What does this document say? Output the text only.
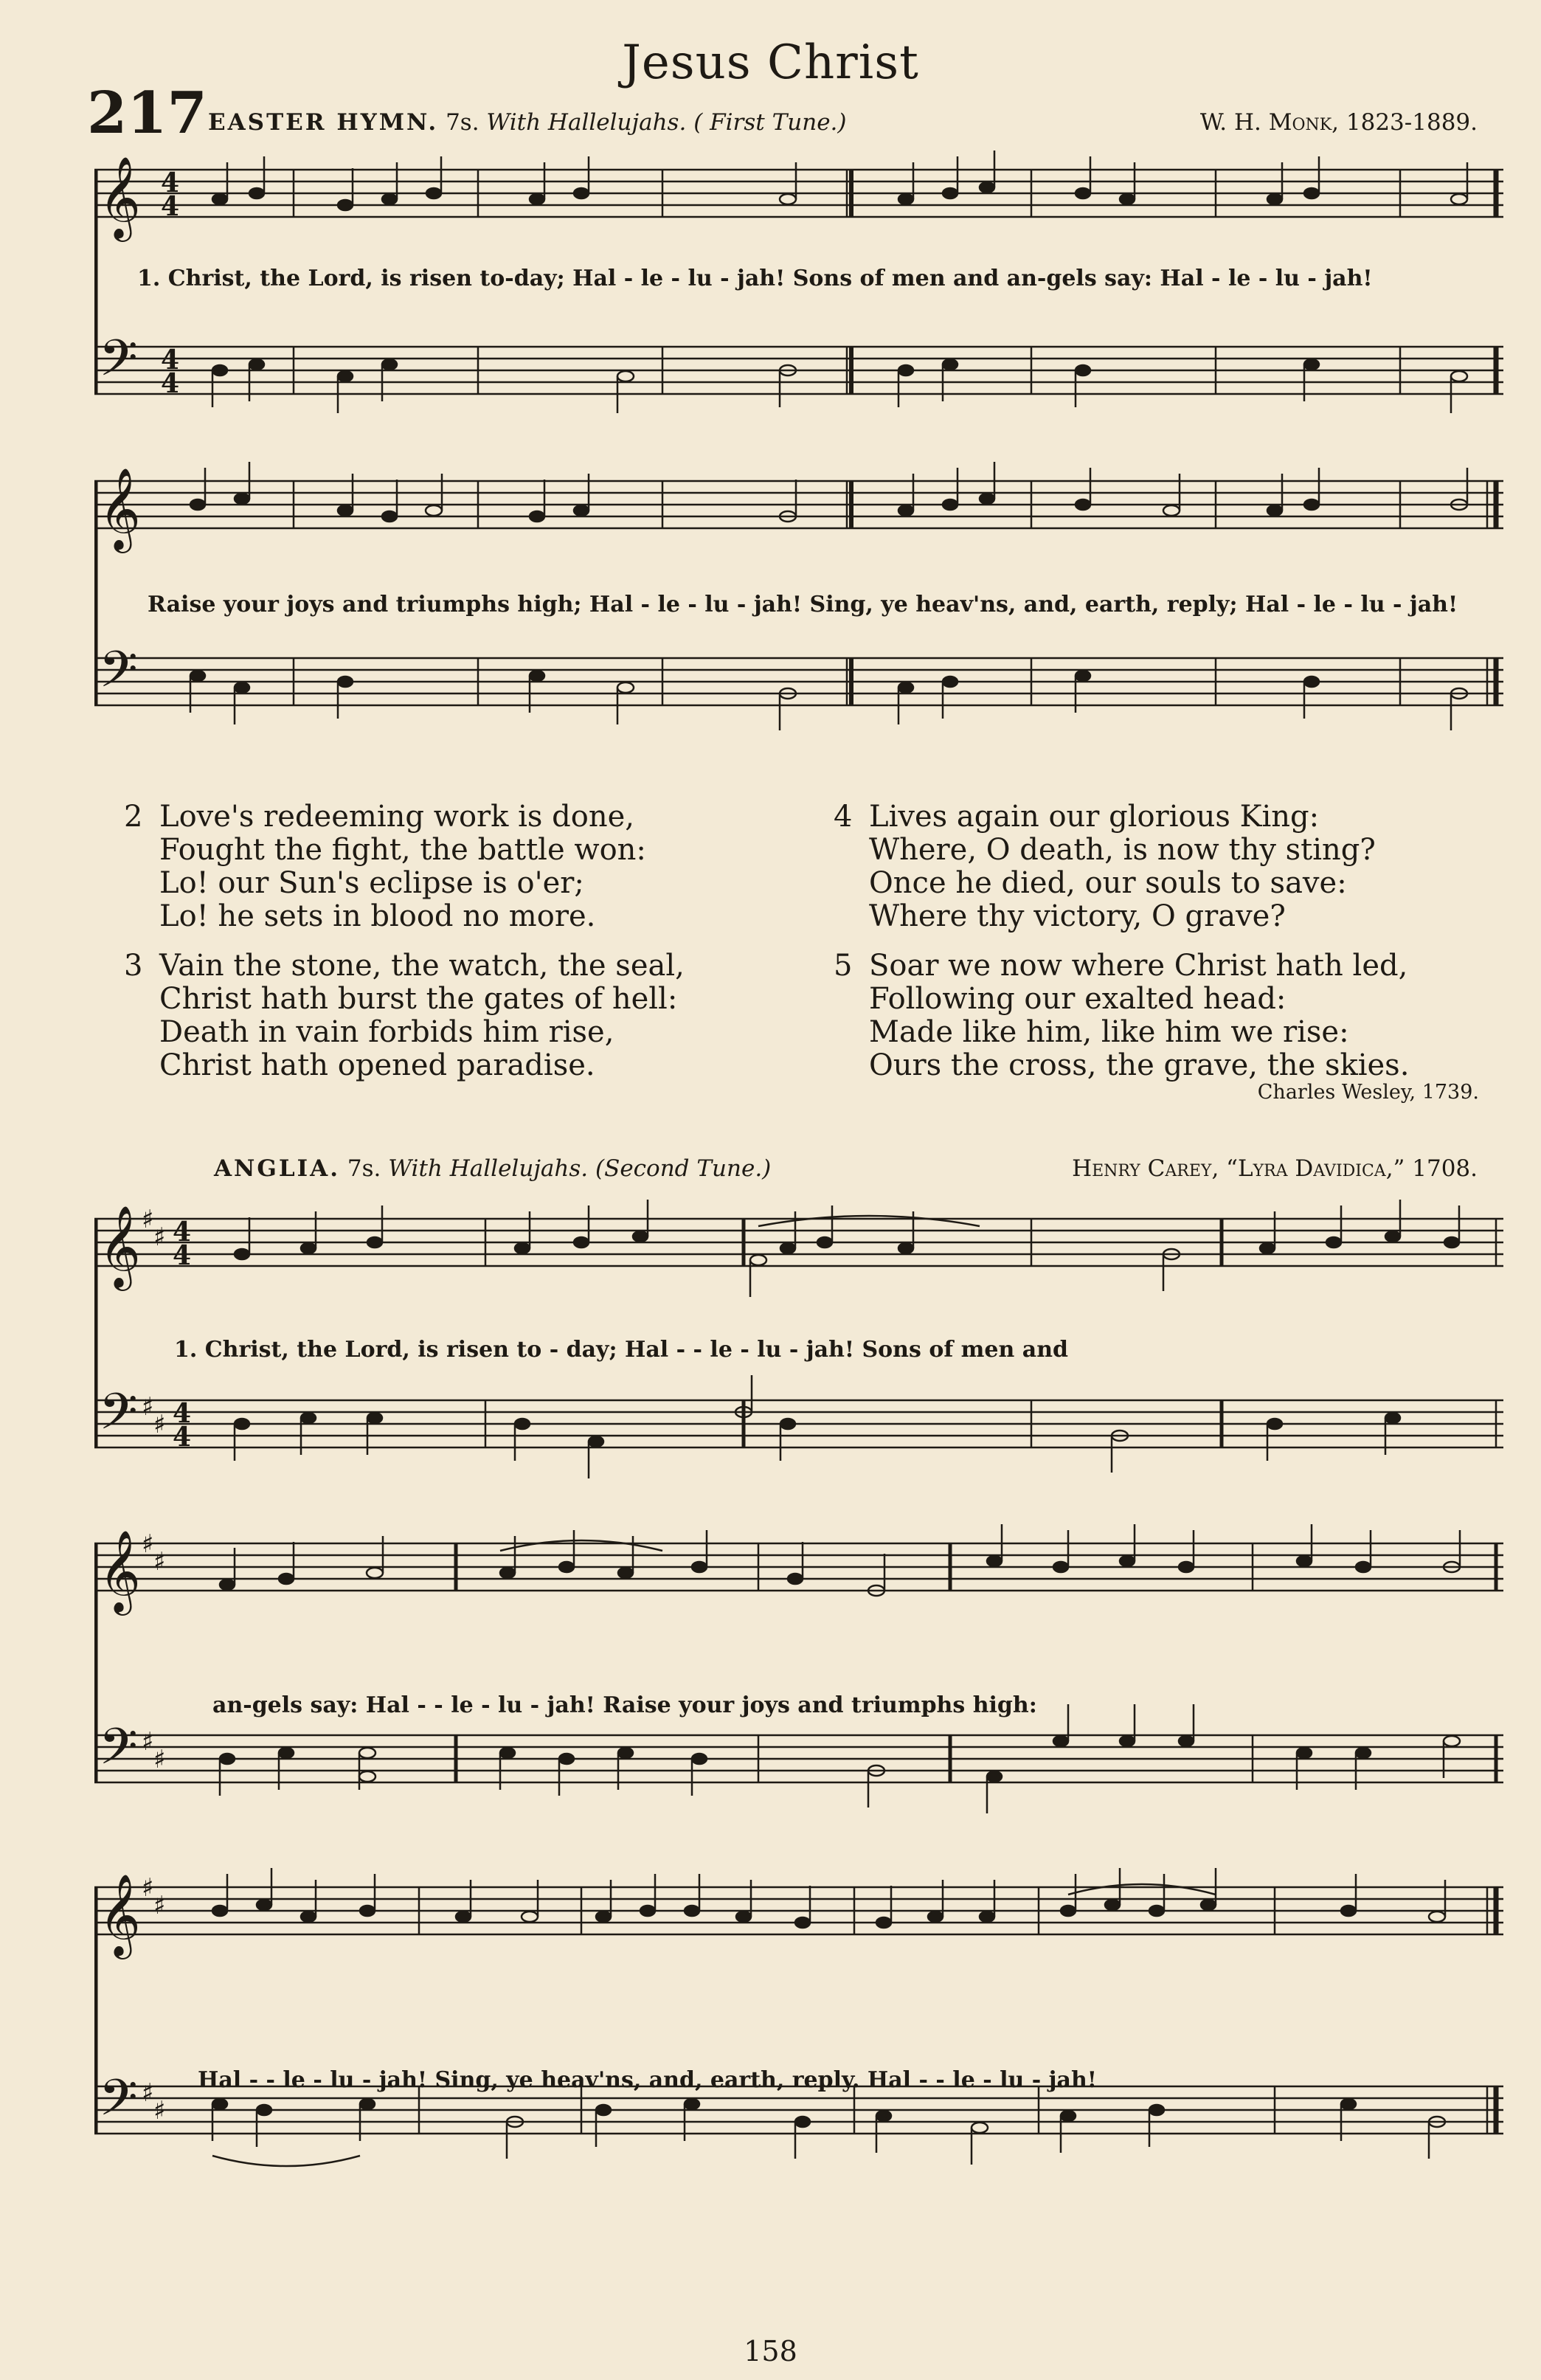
Jesus Christ
217 EASTER HYMN. 7s. With Hallelujahs. ( First Tune.)	W. H. Monk, 1823-1889.
𝄞
𝄢
4
4
4
4
1. Christ, the Lord, is risen to-day; Hal - le - lu - jah! Sons of men and an-gels say: Hal - le - lu - jah!
𝄞
𝄢
Raise your joys and triumphs high; Hal - le - lu - jah! Sing, ye heav'ns, and, earth, reply; Hal - le - lu - jah!
2 Love's redeeming work is done,
Fought the fight, the battle won:
Lo! our Sun's eclipse is o'er;
Lo! he sets in blood no more.
3 Vain the stone, the watch, the seal,
Christ hath burst the gates of hell:
Death in vain forbids him rise,
Christ hath opened paradise.
4 Lives again our glorious King:
Where, O death, is now thy sting?
Once he died, our souls to save:
Where thy victory, O grave?
5 Soar we now where Christ hath led,
Following our exalted head:
Made like him, like him we rise:
Ours the cross, the grave, the skies.
Charles Wesley, 1739.
ANGLIA. 7s. With Hallelujahs. (Second Tune.)	Henry Carey, “Lyra Davidica,” 1708.
𝄞
𝄢
♯
♯
♯
♯
4
4
4
4
1. Christ, the Lord, is risen to - day; Hal - - le - lu - jah! Sons of men and
𝄞
𝄢
♯
♯
♯
♯
an-gels say: Hal - - le - lu - jah! Raise your joys and triumphs high:
𝄞
𝄢
♯
♯
♯
♯
Hal - - le - lu - jah! Sing, ye heav'ns, and, earth, reply. Hal - - le - lu - jah!
158
